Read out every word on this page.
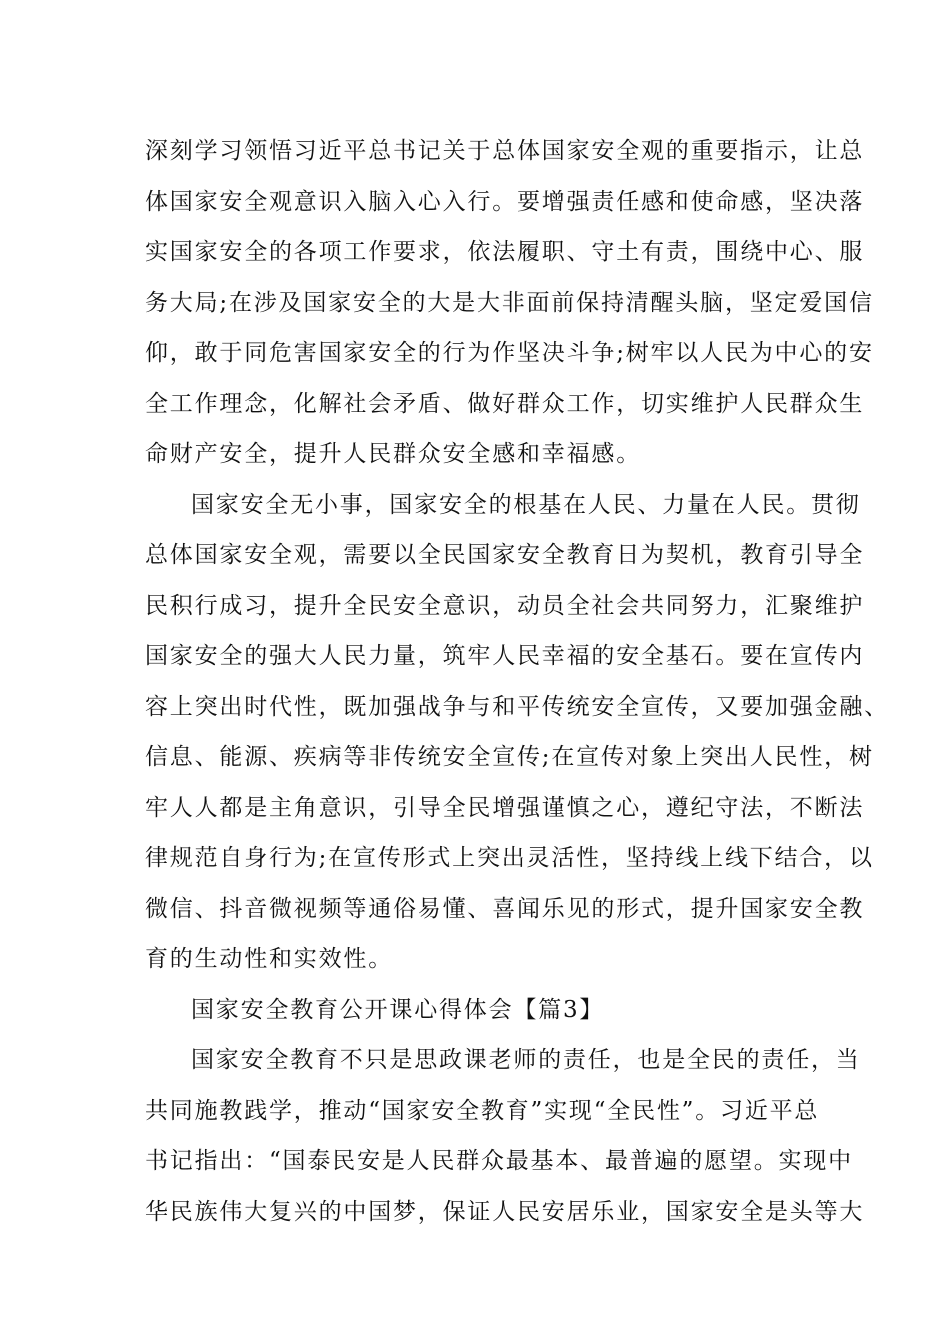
深刻学习领悟习近平总书记关于总体国家安全观的重要指示，让总
体国家安全观意识入脑入心入行。要增强责任感和使命感，坚决落
实国家安全的各项工作要求，依法履职、守土有责，围绕中心、服
务大局;在涉及国家安全的大是大非面前保持清醒头脑，坚定爱国信
仰，敢于同危害国家安全的行为作坚决斗争;树牢以人民为中心的安
全工作理念，化解社会矛盾、做好群众工作，切实维护人民群众生
命财产安全，提升人民群众安全感和幸福感。
国家安全无小事，国家安全的根基在人民、力量在人民。贯彻
总体国家安全观，需要以全民国家安全教育日为契机，教育引导全
民积行成习，提升全民安全意识，动员全社会共同努力，汇聚维护
国家安全的强大人民力量，筑牢人民幸福的安全基石。要在宣传内
容上突出时代性，既加强战争与和平传统安全宣传，又要加强金融、
信息、能源、疾病等非传统安全宣传;在宣传对象上突出人民性，树
牢人人都是主角意识，引导全民增强谨慎之心，遵纪守法，不断法
律规范自身行为;在宣传形式上突出灵活性，坚持线上线下结合，以
微信、抖音微视频等通俗易懂、喜闻乐见的形式，提升国家安全教
育的生动性和实效性。
国家安全教育公开课心得体会【篇3】
国家安全教育不只是思政课老师的责任，也是全民的责任，当
共同施教践学，推动“国家安全教育”实现“全民性”。习近平总
书记指出：“国泰民安是人民群众最基本、最普遍的愿望。实现中
华民族伟大复兴的中国梦，保证人民安居乐业，国家安全是头等大
